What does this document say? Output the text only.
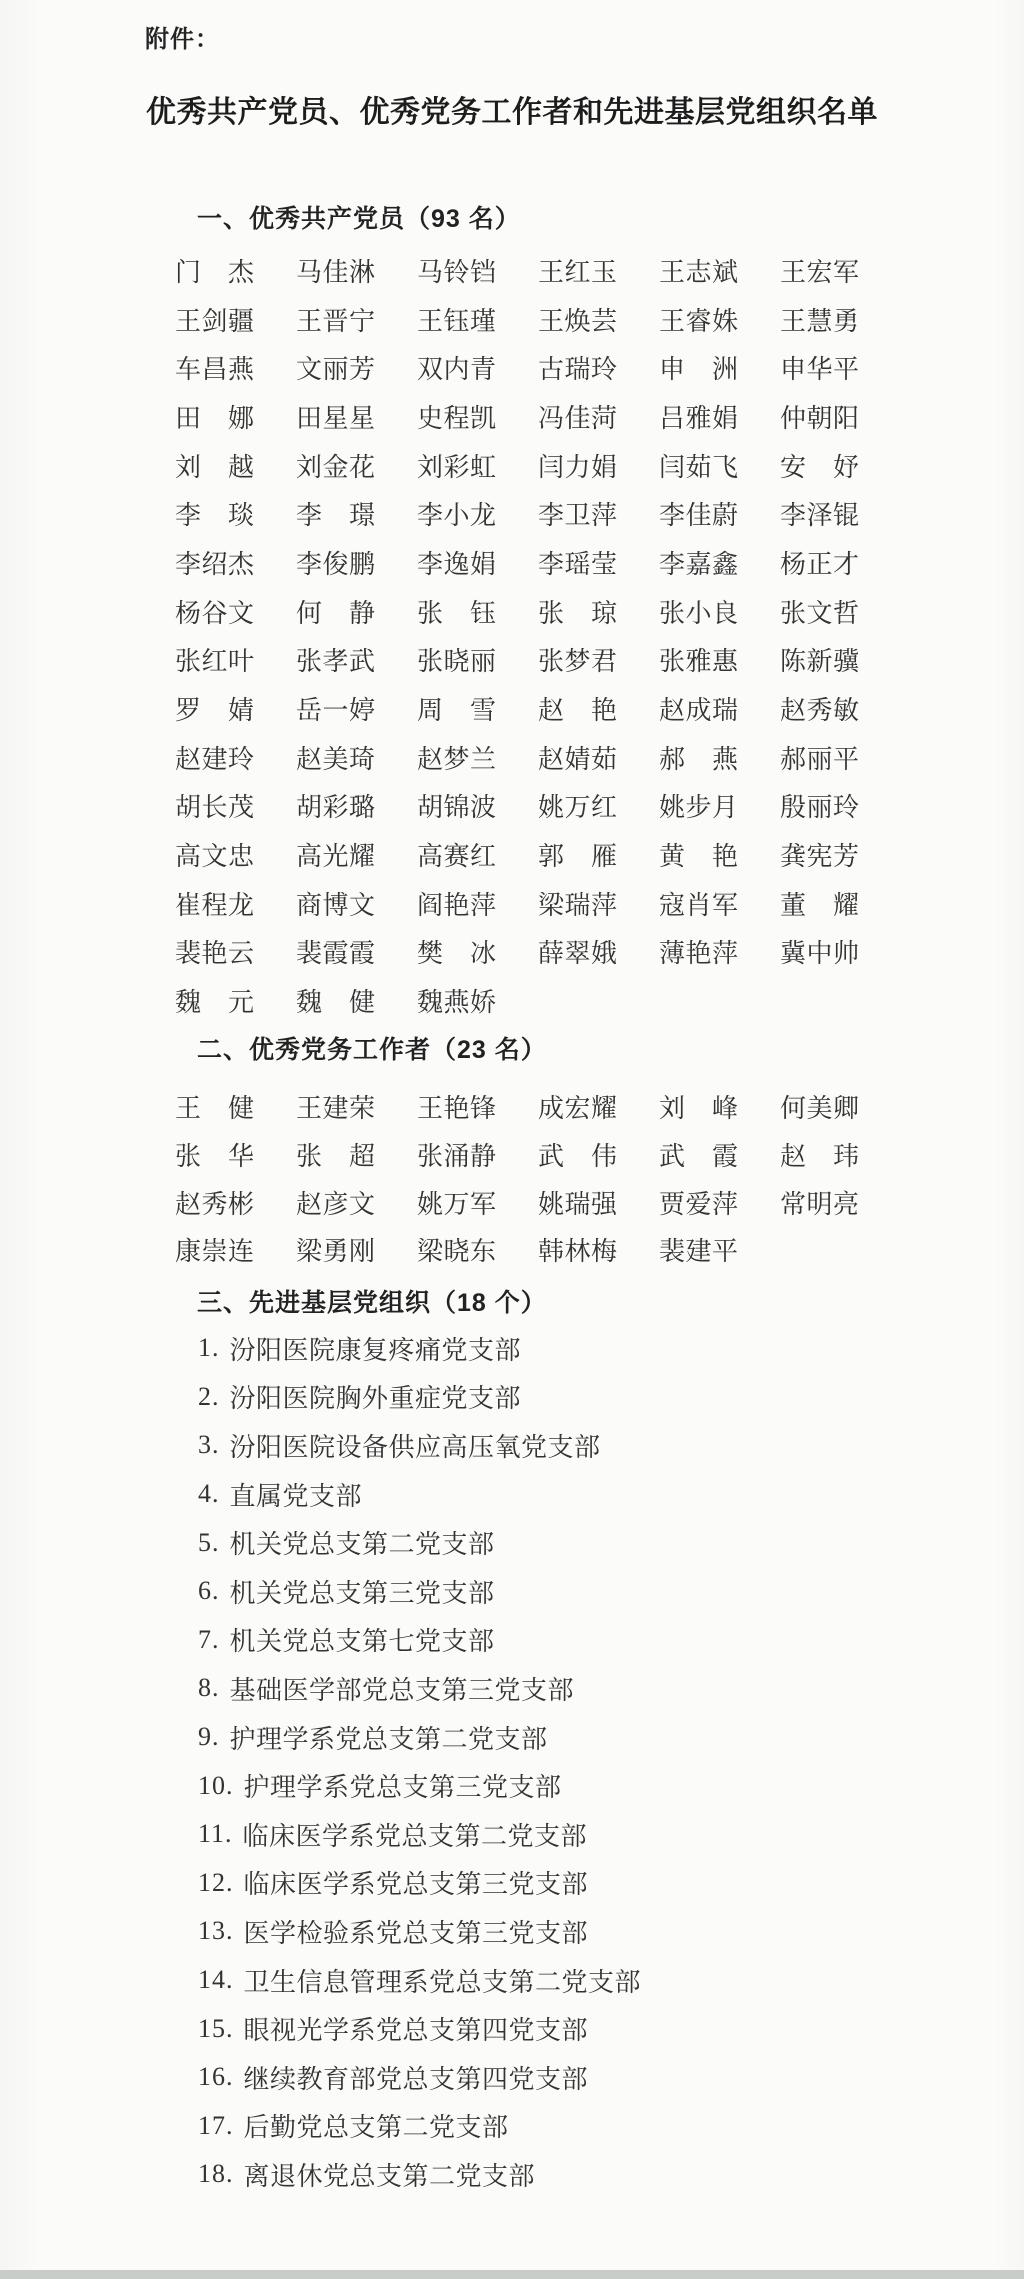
附件：
优秀共产党员、优秀党务工作者和先进基层党组织名单
一、优秀共产党员（93 名）
门　杰	马佳淋	马铃铛	王红玉	王志斌	王宏军
王剑疆	王晋宁	王钰瑾	王焕芸	王睿姝	王慧勇
车昌燕	文丽芳	双内青	古瑞玲	申　洲	申华平
田　娜	田星星	史程凯	冯佳菏	吕雅娟	仲朝阳
刘　越	刘金花	刘彩虹	闫力娟	闫茹飞	安　妤
李　琰	李　璟	李小龙	李卫萍	李佳蔚	李泽锟
李绍杰	李俊鹏	李逸娟	李瑶莹	李嘉鑫	杨正才
杨谷文	何　静	张　钰	张　琼	张小良	张文哲
张红叶	张孝武	张晓丽	张梦君	张雅惠	陈新骥
罗　婧	岳一婷	周　雪	赵　艳	赵成瑞	赵秀敏
赵建玲	赵美琦	赵梦兰	赵婧茹	郝　燕	郝丽平
胡长茂	胡彩璐	胡锦波	姚万红	姚步月	殷丽玲
高文忠	高光耀	高赛红	郭　雁	黄　艳	龚宪芳
崔程龙	商博文	阎艳萍	梁瑞萍	寇肖军	董　耀
裴艳云	裴霞霞	樊　冰	薛翠娥	薄艳萍	冀中帅
魏　元	魏　健	魏燕娇
二、优秀党务工作者（23 名）
王　健	王建荣	王艳锋	成宏耀	刘　峰	何美卿
张　华	张　超	张涌静	武　伟	武　霞	赵　玮
赵秀彬	赵彦文	姚万军	姚瑞强	贾爱萍	常明亮
康崇连	梁勇刚	梁晓东	韩林梅	裴建平
三、先进基层党组织（18 个）
1. 汾阳医院康复疼痛党支部
2. 汾阳医院胸外重症党支部
3. 汾阳医院设备供应高压氧党支部
4. 直属党支部
5. 机关党总支第二党支部
6. 机关党总支第三党支部
7. 机关党总支第七党支部
8. 基础医学部党总支第三党支部
9. 护理学系党总支第二党支部
10. 护理学系党总支第三党支部
11. 临床医学系党总支第二党支部
12. 临床医学系党总支第三党支部
13. 医学检验系党总支第三党支部
14. 卫生信息管理系党总支第二党支部
15. 眼视光学系党总支第四党支部
16. 继续教育部党总支第四党支部
17. 后勤党总支第二党支部
18. 离退休党总支第二党支部
